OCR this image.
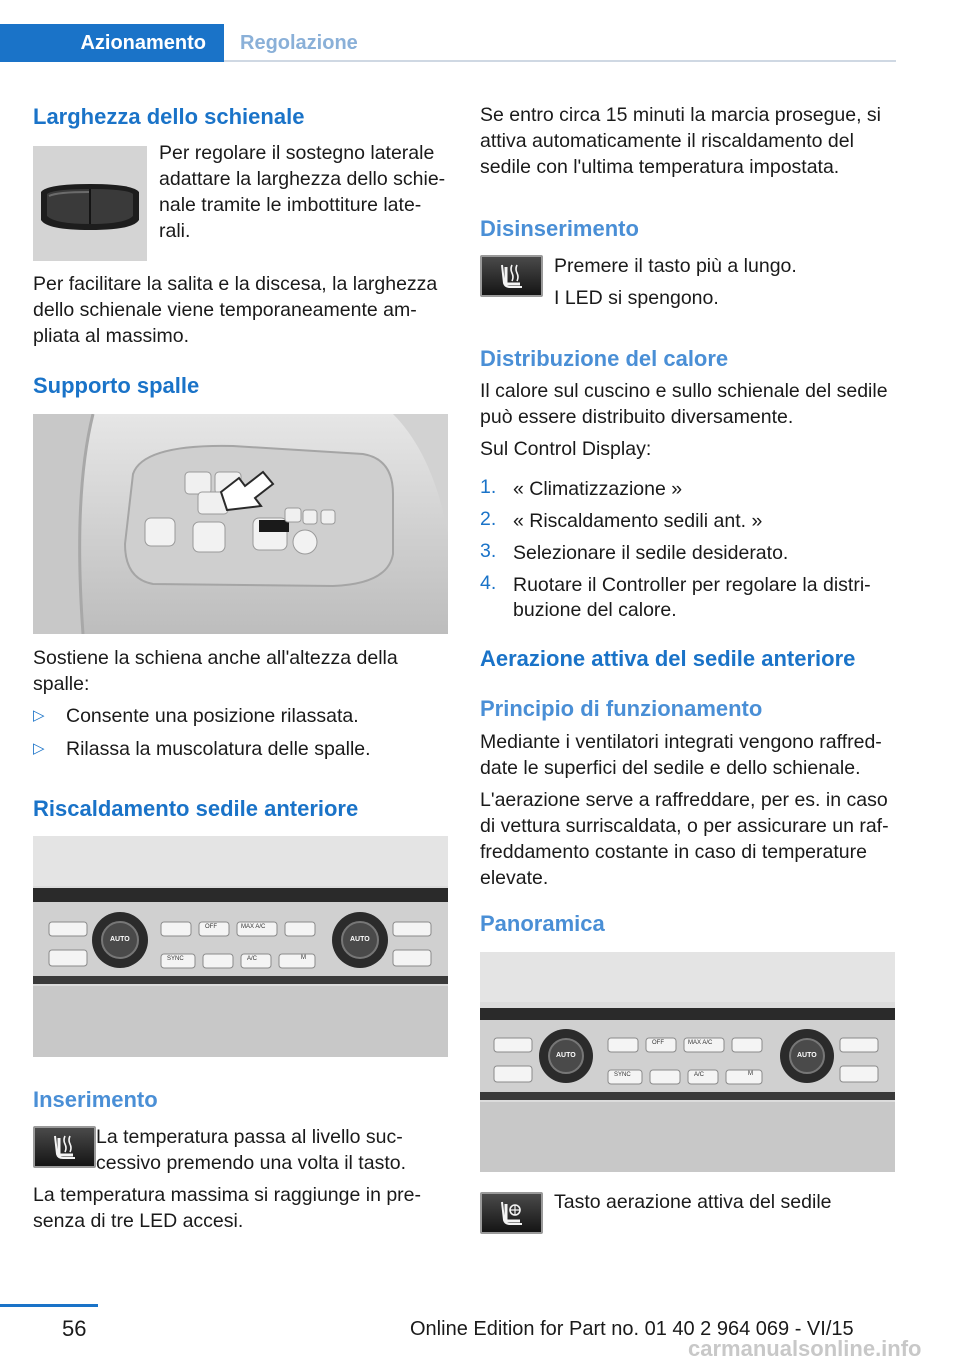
Azionamento	Regolazione
Larghezza dello schienale
Per regolare il sostegno laterale
adattare la larghezza dello schie‐
nale tramite le imbottiture late‐
rali.
Per facilitare la salita e la discesa, la larghezza
dello schienale viene temporaneamente am‐
pliata al massimo.
Supporto spalle
Sostiene la schiena anche all'altezza della
spalle:
▷ Consente una posizione rilassata.
▷ Rilassa la muscolatura delle spalle.
Riscaldamento sedile anteriore
AUTO	AUTO
OFF	MAX A/C
SYNC	A/C	M
Inserimento
La temperatura passa al livello suc‐
cessivo premendo una volta il tasto.
La temperatura massima si raggiunge in pre‐
senza di tre LED accesi.
Se entro circa 15 minuti la marcia prosegue, si
attiva automaticamente il riscaldamento del
sedile con l'ultima temperatura impostata.
Disinserimento
Premere il tasto più a lungo.
I LED si spengono.
Distribuzione del calore
Il calore sul cuscino e sullo schienale del sedile
può essere distribuito diversamente.
Sul Control Display:
1. « Climatizzazione »
2. « Riscaldamento sedili ant. »
3. Selezionare il sedile desiderato.
4. Ruotare il Controller per regolare la distri‐
buzione del calore.
Aerazione attiva del sedile anteriore
Principio di funzionamento
Mediante i ventilatori integrati vengono raffred‐
date le superfici del sedile e dello schienale.
L'aerazione serve a raffreddare, per es. in caso
di vettura surriscaldata, o per assicurare un raf‐
freddamento costante in caso di temperature
elevate.
Panoramica
AUTO	AUTO
OFF	MAX A/C
SYNC	A/C	M
Tasto aerazione attiva del sedile
56	Online Edition for Part no. 01 40 2 964 069 - VI/15
carmanualsonline.info
